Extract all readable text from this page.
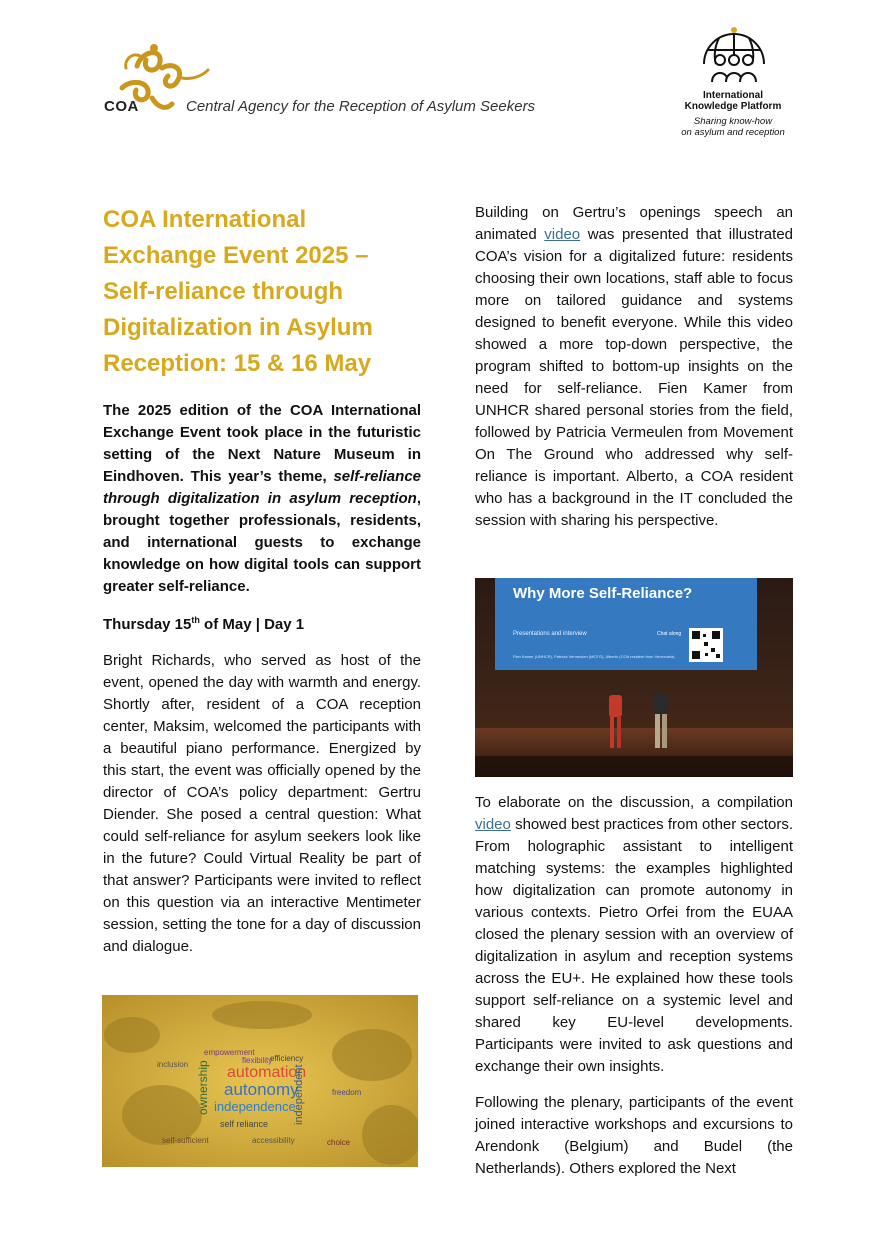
COA	Central Agency for the Reception of Asylum Seekers
International
Knowledge Platform
Sharing know-how
on asylum and reception
COA International Exchange Event 2025 – Self-reliance through Digitalization in Asylum Reception: 15 & 16 May

The 2025 edition of the COA International Exchange Event took place in the futuristic setting of the Next Nature Museum in Eindhoven. This year’s theme, self-reliance through digitalization in asylum reception, brought together professionals, residents, and international guests to exchange knowledge on how digital tools can support greater self-reliance.

Thursday 15th of May | Day 1

Bright Richards, who served as host of the event, opened the day with warmth and energy. Shortly after, resident of a COA reception center, Maksim, welcomed the participants with a beautiful piano performance. Energized by this start, the event was officially opened by the director of COA’s policy department: Gertru Diender. She posed a central question: What could self-reliance for asylum seekers look like in the future? Could Virtual Reality be part of that answer? Participants were invited to reflect on this question via an interactive Mentimeter session, setting the tone for a day of discussion and dialogue.

automation
autonomy
independence
ownership
self reliance
flexibility
efficiency
empowerment
accessibility
independent
inclusion
self-sufficient
freedom
choice

Building on Gertru’s openings speech an animated video was presented that illustrated COA’s vision for a digitalized future: residents choosing their own locations, staff able to focus more on tailored guidance and systems designed to benefit everyone. While this video showed a more top-down perspective, the program shifted to bottom-up insights on the need for self-reliance. Fien Kamer from UNHCR shared personal stories from the field, followed by Patricia Vermeulen from Movement On The Ground who addressed why self-reliance is important. Alberto, a COA resident who has a background in the IT concluded the session with sharing his perspective.

Why More Self-Reliance?
Presentations and interview	Chat along
Fien Kamer (UNHCR), Patricia Vermeulen (MOTG), Alberto (COA resident from Venezuela)

To elaborate on the discussion, a compilation video showed best practices from other sectors. From holographic assistant to intelligent matching systems: the examples highlighted how digitalization can promote autonomy in various contexts. Pietro Orfei from the EUAA closed the plenary session with an overview of digitalization in asylum and reception systems across the EU+. He explained how these tools support self-reliance on a systemic level and shared key EU-level developments. Participants were invited to ask questions and exchange their own insights.

Following the plenary, participants of the event joined interactive workshops and excursions to Arendonk (Belgium) and Budel (the Netherlands). Others explored the Next
